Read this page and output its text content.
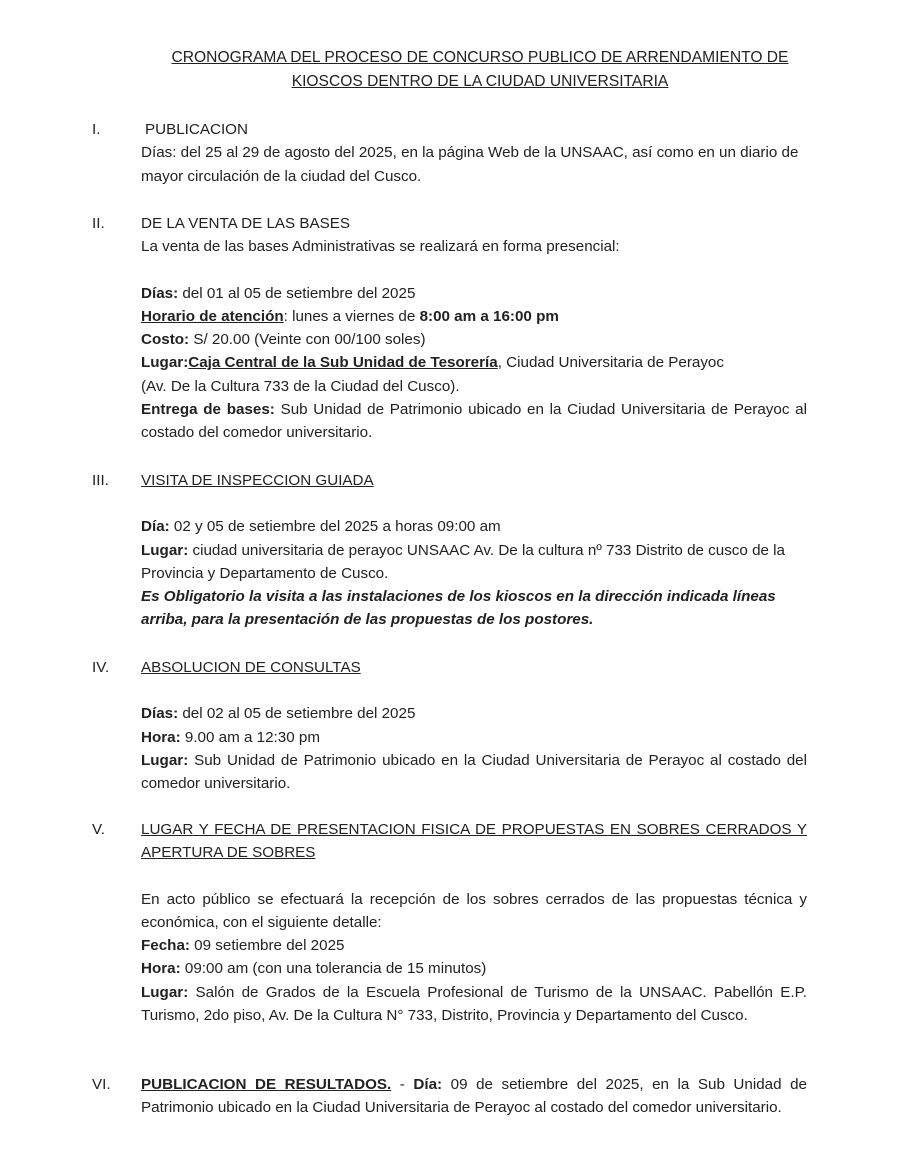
CRONOGRAMA DEL PROCESO DE CONCURSO PUBLICO DE ARRENDAMIENTO DE
KIOSCOS DENTRO DE LA CIUDAD UNIVERSITARIA
I.	PUBLICACION

Días: del 25 al 29 de agosto del 2025, en la página Web de la UNSAAC, así como en un diario de mayor circulación de la ciudad del Cusco.

II. DE LA VENTA DE LAS BASES

La venta de las bases Administrativas se realizará en forma presencial:

Días: del 01 al 05 de setiembre del 2025

Horario de atención: lunes a viernes de 8:00 am a 16:00 pm

Costo: S/ 20.00 (Veinte con 00/100 soles)

Lugar:Caja Central de la Sub Unidad de Tesorería, Ciudad Universitaria de Perayoc

(Av. De la Cultura 733 de la Ciudad del Cusco).

Entrega de bases: Sub Unidad de Patrimonio ubicado en la Ciudad Universitaria de Perayoc al costado del comedor universitario.

III. VISITA DE INSPECCION GUIADA

Día: 02 y 05 de setiembre del 2025 a horas 09:00 am

Lugar: ciudad universitaria de perayoc UNSAAC Av. De la cultura nº 733 Distrito de cusco de la Provincia y Departamento de Cusco.

Es Obligatorio la visita a las instalaciones de los kioscos en la dirección indicada líneas arriba, para la presentación de las propuestas de los postores.

IV. ABSOLUCION DE CONSULTAS

Días: del 02 al 05 de setiembre del 2025

Hora: 9.00 am a 12:30 pm

Lugar: Sub Unidad de Patrimonio ubicado en la Ciudad Universitaria de Perayoc al costado del comedor universitario.

V. LUGAR Y FECHA DE PRESENTACION FISICA DE PROPUESTAS EN SOBRES CERRADOS Y APERTURA DE SOBRES

En acto público se efectuará la recepción de los sobres cerrados de las propuestas técnica y económica, con el siguiente detalle:

Fecha: 09 setiembre del 2025

Hora: 09:00 am (con una tolerancia de 15 minutos)

Lugar: Salón de Grados de la Escuela Profesional de Turismo de la UNSAAC. Pabellón E.P. Turismo, 2do piso, Av. De la Cultura N° 733, Distrito, Provincia y Departamento del Cusco.

VI. PUBLICACION DE RESULTADOS. - Día: 09 de setiembre del 2025, en la Sub Unidad de Patrimonio ubicado en la Ciudad Universitaria de Perayoc al costado del comedor universitario.
